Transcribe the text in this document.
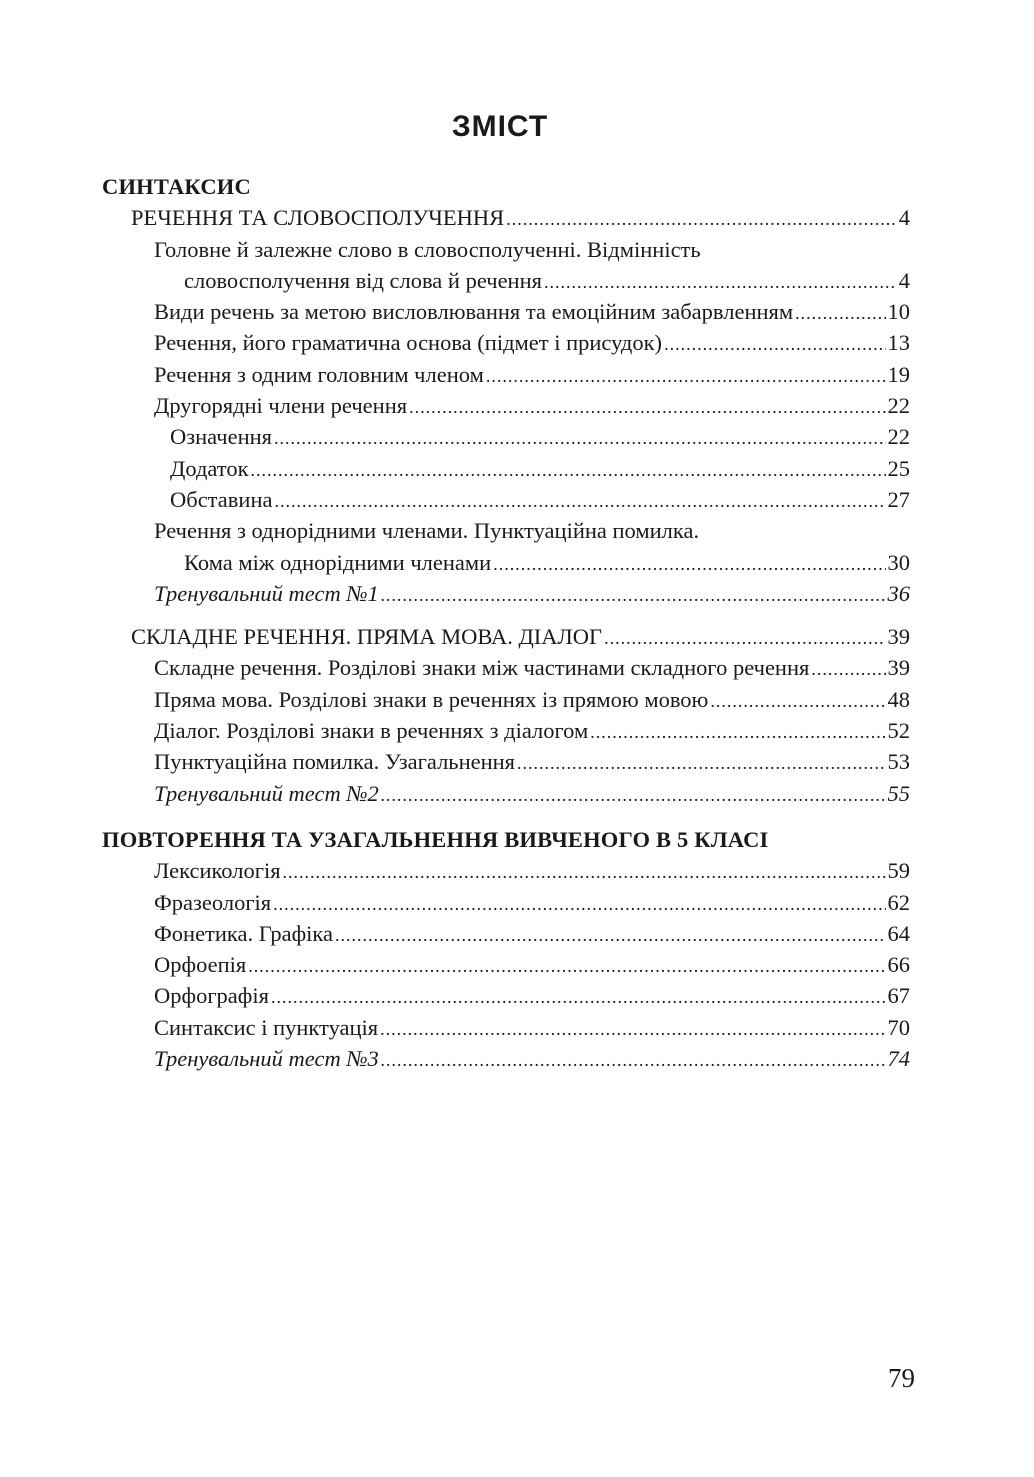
ЗМІСТ
СИНТАКСИС
РЕЧЕННЯ ТА СЛОВОСПОЛУЧЕННЯ .....	4
Головне й залежне слово в словосполученні. Відмінність
словосполучення від слова й речення .....	4
Види речень за метою висловлювання та емоційним забарвленням .....	10
Речення, його граматична основа (підмет і присудок) .....	13
Речення з одним головним членом .....	19
Другорядні члени речення .....	22
Означення .....	22
Додаток .....	25
Обставина .....	27
Речення з однорідними членами. Пунктуаційна помилка.
Кома між однорідними членами .....	30
Тренувальний тест №1 .....	36
СКЛАДНЕ РЕЧЕННЯ. ПРЯМА МОВА. ДІАЛОГ .....	39
Складне речення. Розділові знаки між частинами складного речення .....	39
Пряма мова. Розділові знаки в реченнях із прямою мовою .....	48
Діалог. Розділові знаки в реченнях з діалогом .....	52
Пунктуаційна помилка. Узагальнення .....	53
Тренувальний тест №2 .....	55
ПОВТОРЕННЯ ТА УЗАГАЛЬНЕННЯ ВИВЧЕНОГО В 5 КЛАСІ
Лексикологія .....	59
Фразеологія .....	62
Фонетика. Графіка .....	64
Орфоепія .....	66
Орфографія .....	67
Синтаксис і пунктуація .....	70
Тренувальний тест №3 .....	74
79
